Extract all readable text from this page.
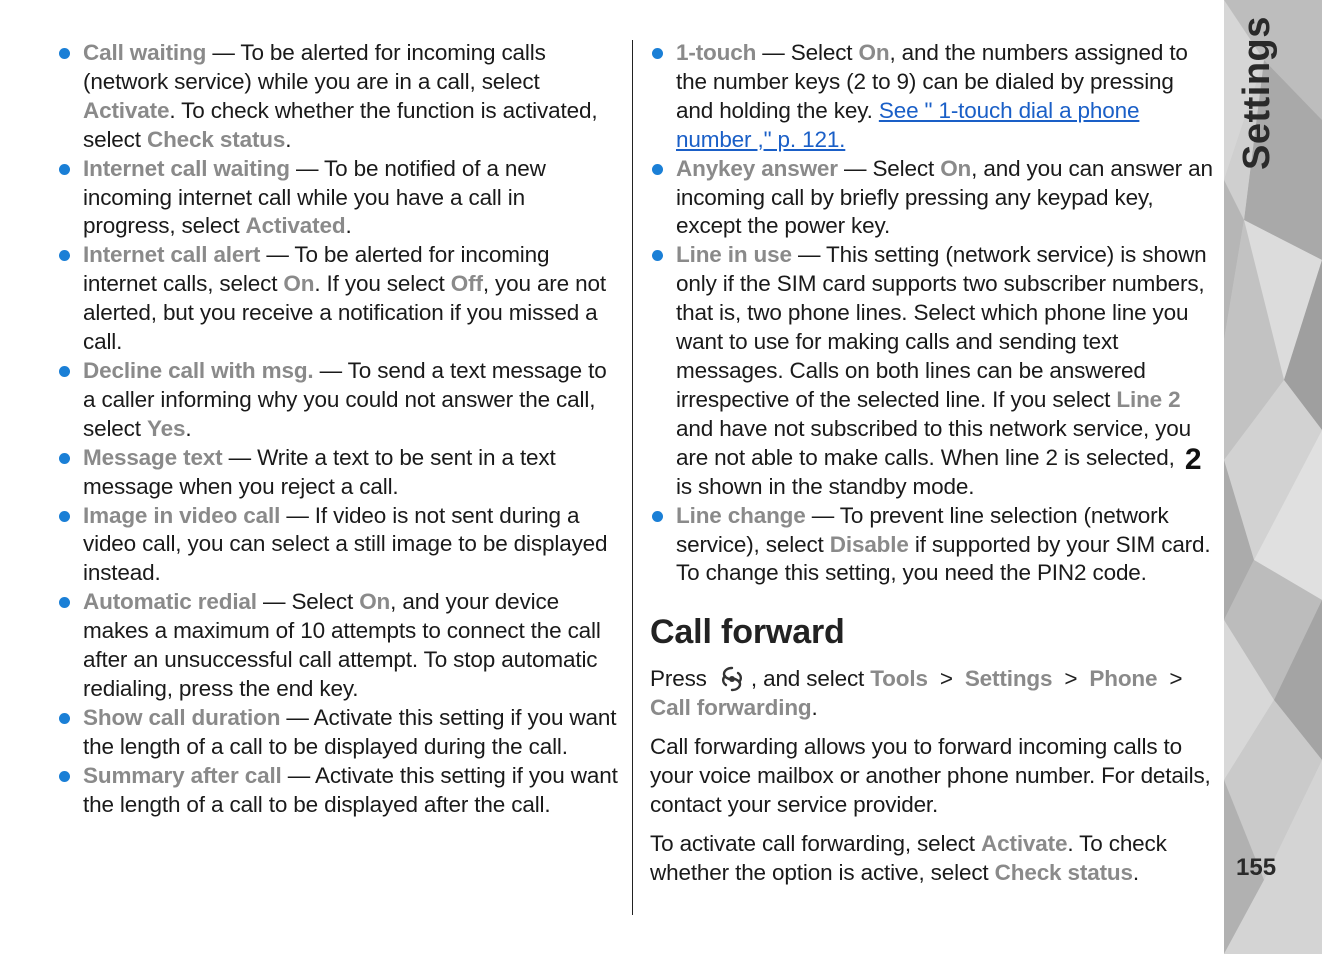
Call waiting — To be alerted for incoming calls (network service) while you are in a call, select Activate. To check whether the function is activated, select Check status.
Internet call waiting — To be notified of a new incoming internet call while you have a call in progress, select Activated.
Internet call alert — To be alerted for incoming internet calls, select On. If you select Off, you are not alerted, but you receive a notification if you missed a call.
Decline call with msg. — To send a text message to a caller informing why you could not answer the call, select Yes.
Message text — Write a text to be sent in a text message when you reject a call.
Image in video call — If video is not sent during a video call, you can select a still image to be displayed instead.
Automatic redial — Select On, and your device makes a maximum of 10 attempts to connect the call after an unsuccessful call attempt. To stop automatic redialing, press the end key.
Show call duration — Activate this setting if you want the length of a call to be displayed during the call.
Summary after call — Activate this setting if you want the length of a call to be displayed after the call.
1-touch — Select On, and the numbers assigned to the number keys (2 to 9) can be dialed by pressing and holding the key. See " 1-touch dial a phone number ," p. 121.
Anykey answer — Select On, and you can answer an incoming call by briefly pressing any keypad key, except the power key.
Line in use — This setting (network service) is shown only if the SIM card supports two subscriber numbers, that is, two phone lines. Select which phone line you want to use for making calls and sending text messages. Calls on both lines can be answered irrespective of the selected line. If you select Line 2 and have not subscribed to this network service, you are not able to make calls. When line 2 is selected, 2 is shown in the standby mode.
Line change — To prevent line selection (network service), select Disable if supported by your SIM card. To change this setting, you need the PIN2 code.
Call forward

Press , and select Tools > Settings > Phone >Call forwarding.

Call forwarding allows you to forward incoming calls to your voice mailbox or another phone number. For details, contact your service provider.

To activate call forwarding, select Activate. To check whether the option is active, select Check status.

Settings
155
